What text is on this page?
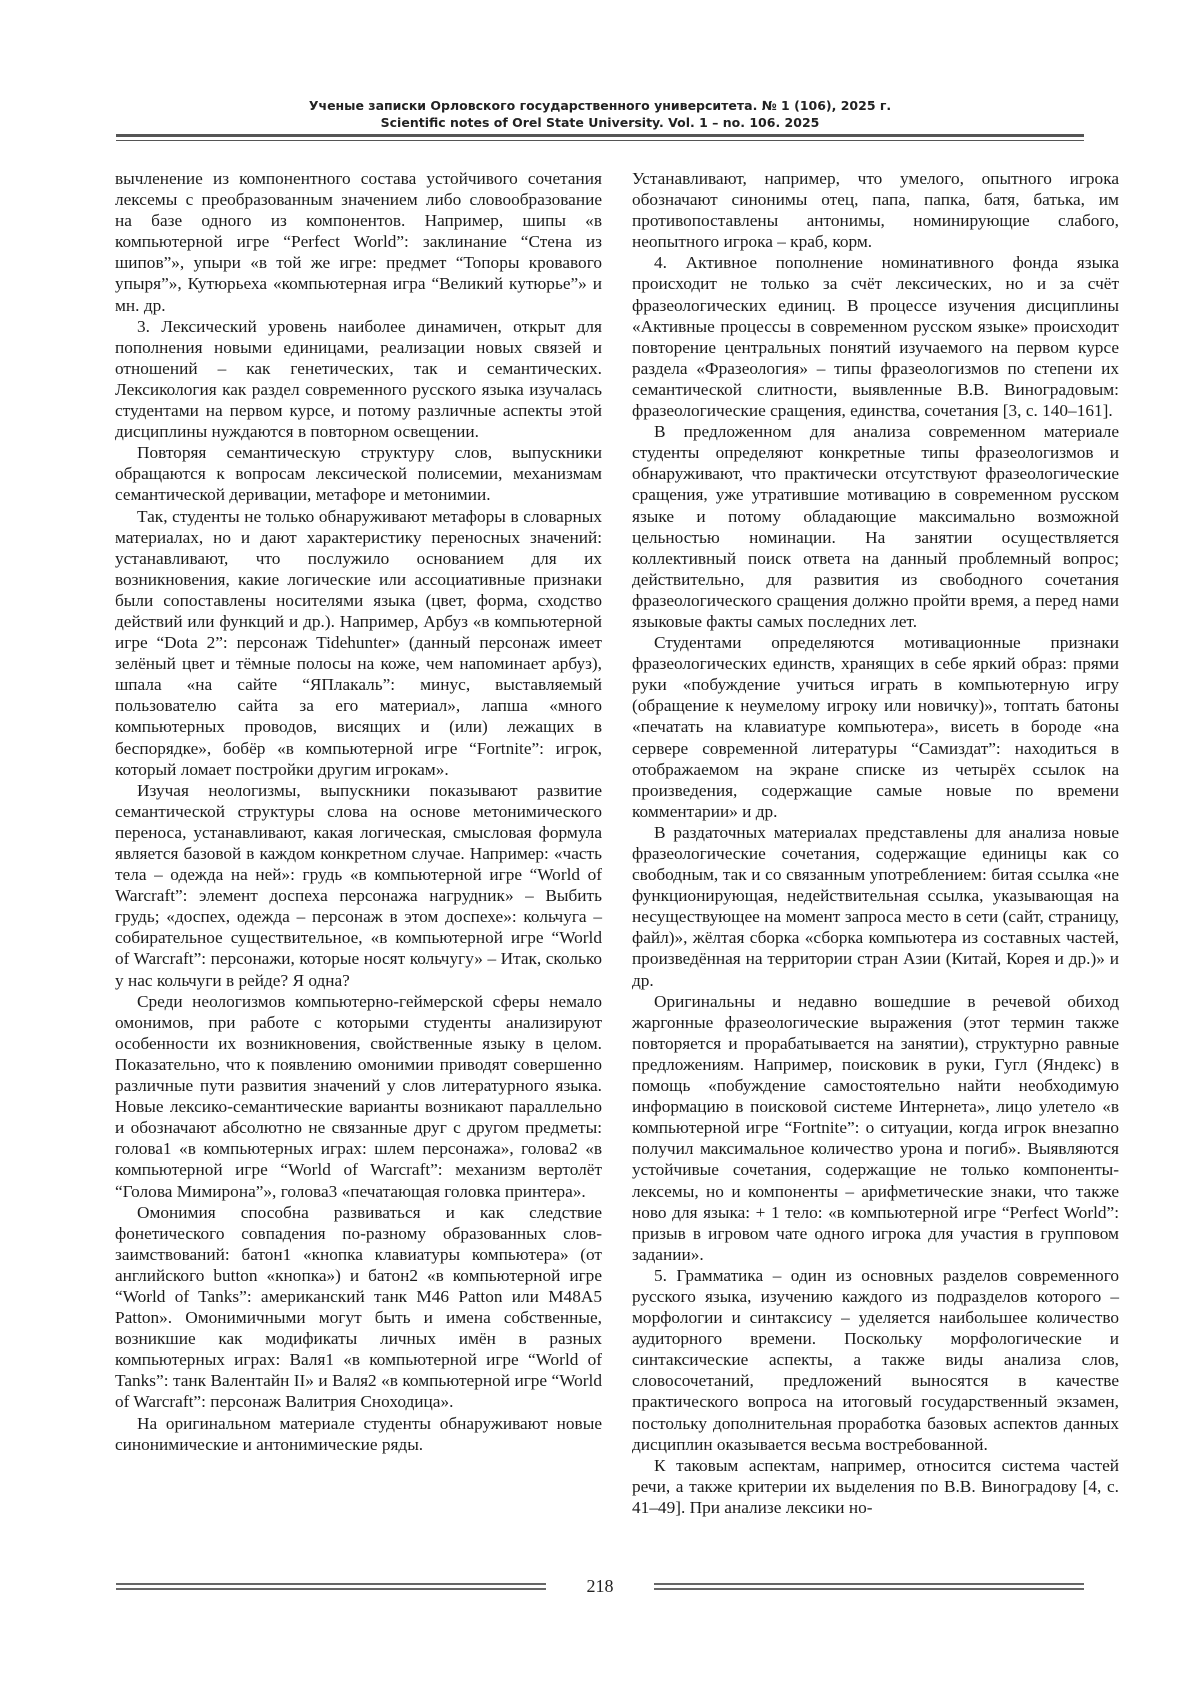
Ученые записки Орловского государственного университета. № 1 (106), 2025 г.
Scientific notes of Orel State University. Vol. 1 – no. 106. 2025

вычленение из компонентного состава устойчивого сочетания лексемы с преобразованным значением либо словообразование на базе одного из компонентов. Например, шипы «в компьютерной игре “Perfect World”: заклинание “Стена из шипов”», упыри «в той же игре: предмет “Топоры кровавого упыря”», Кутюрьеха «компьютерная игра “Великий кутюрье”» и мн. др.

3. Лексический уровень наиболее динамичен, открыт для пополнения новыми единицами, реализации новых связей и отношений – как генетических, так и семантических. Лексикология как раздел современного русского языка изучалась студентами на первом курсе, и потому различные аспекты этой дисциплины нуждаются в повторном освещении.

Повторяя семантическую структуру слов, выпускники обращаются к вопросам лексической полисемии, механизмам семантической деривации, метафоре и метонимии.

Так, студенты не только обнаруживают метафоры в словарных материалах, но и дают характеристику переносных значений: устанавливают, что послужило основанием для их возникновения, какие логические или ассоциативные признаки были сопоставлены носителями языка (цвет, форма, сходство действий или функций и др.). Например, Арбуз «в компьютерной игре “Dota 2”: персонаж Tidehunter» (данный персонаж имеет зелёный цвет и тёмные полосы на коже, чем напоминает арбуз), шпала «на сайте “ЯПлакаль”: минус, выставляемый пользователю сайта за его материал», лапша «много компьютерных проводов, висящих и (или) лежащих в беспорядке», бобёр «в компьютерной игре “Fortnite”: игрок, который ломает постройки другим игрокам».

Изучая неологизмы, выпускники показывают развитие семантической структуры слова на основе метонимического переноса, устанавливают, какая логическая, смысловая формула является базовой в каждом конкретном случае. Например: «часть тела – одежда на ней»: грудь «в компьютерной игре “World of Warcraft”: элемент доспеха персонажа нагрудник» – Выбить грудь; «доспех, одежда – персонаж в этом доспехе»: кольчуга – собирательное существительное, «в компьютерной игре “World of Warcraft”: персонажи, которые носят кольчугу» – Итак, сколько у нас кольчуги в рейде? Я одна?

Среди неологизмов компьютерно-геймерской сферы немало омонимов, при работе с которыми студенты анализируют особенности их возникновения, свойственные языку в целом. Показательно, что к появлению омонимии приводят совершенно различные пути развития значений у слов литературного языка. Новые лексико-семантические варианты возникают параллельно и обозначают абсолютно не связанные друг с другом предметы: голова1 «в компьютерных играх: шлем персонажа», голова2 «в компьютерной игре “World of Warcraft”: механизм вертолёт “Голова Мимирона”», голова3 «печатающая головка принтера».

Омонимия способна развиваться и как следствие фонетического совпадения по-разному образованных слов-заимствований: батон1 «кнопка клавиатуры компьютера» (от английского button «кнопка») и батон2 «в компьютерной игре “World of Tanks”: американский танк М46 Patton или М48А5 Patton». Омонимичными могут быть и имена собственные, возникшие как модификаты личных имён в разных компьютерных играх: Валя1 «в компьютерной игре “World of Tanks”: танк Валентайн II» и Валя2 «в компьютерной игре “World of Warcraft”: персонаж Валитрия Сноходица».

На оригинальном материале студенты обнаруживают новые синонимические и антонимические ряды.

Устанавливают, например, что умелого, опытного игрока обозначают синонимы отец, папа, папка, батя, батька, им противопоставлены антонимы, номинирующие слабого, неопытного игрока – краб, корм.

4. Активное пополнение номинативного фонда языка происходит не только за счёт лексических, но и за счёт фразеологических единиц. В процессе изучения дисциплины «Активные процессы в современном русском языке» происходит повторение центральных понятий изучаемого на первом курсе раздела «Фразеология» – типы фразеологизмов по степени их семантической слитности, выявленные В.В. Виноградовым: фразеологические сращения, единства, сочетания [3, с. 140–161].

В предложенном для анализа современном материале студенты определяют конкретные типы фразеологизмов и обнаруживают, что практически отсутствуют фразеологические сращения, уже утратившие мотивацию в современном русском языке и потому обладающие максимально возможной цельностью номинации. На занятии осуществляется коллективный поиск ответа на данный проблемный вопрос; действительно, для развития из свободного сочетания фразеологического сращения должно пройти время, а перед нами языковые факты самых последних лет.

Студентами определяются мотивационные признаки фразеологических единств, хранящих в себе яркий образ: прями руки «побуждение учиться играть в компьютерную игру (обращение к неумелому игроку или новичку)», топтать батоны «печатать на клавиатуре компьютера», висеть в бороде «на сервере современной литературы “Самиздат”: находиться в отображаемом на экране списке из четырёх ссылок на произведения, содержащие самые новые по времени комментарии» и др.

В раздаточных материалах представлены для анализа новые фразеологические сочетания, содержащие единицы как со свободным, так и со связанным употреблением: битая ссылка «не функционирующая, недействительная ссылка, указывающая на несуществующее на момент запроса место в сети (сайт, страницу, файл)», жёлтая сборка «сборка компьютера из составных частей, произведённая на территории стран Азии (Китай, Корея и др.)» и др.

Оригинальны и недавно вошедшие в речевой обиход жаргонные фразеологические выражения (этот термин также повторяется и прорабатывается на занятии), структурно равные предложениям. Например, поисковик в руки, Гугл (Яндекс) в помощь «побуждение самостоятельно найти необходимую информацию в поисковой системе Интернета», лицо улетело «в компьютерной игре “Fortnite”: о ситуации, когда игрок внезапно получил максимальное количество урона и погиб». Выявляются устойчивые сочетания, содержащие не только компоненты-лексемы, но и компоненты – арифметические знаки, что также ново для языка: + 1 тело: «в компьютерной игре “Perfect World”: призыв в игровом чате одного игрока для участия в групповом задании».

5. Грамматика – один из основных разделов современного русского языка, изучению каждого из подразделов которого – морфологии и синтаксису – уделяется наибольшее количество аудиторного времени. Поскольку морфологические и синтаксические аспекты, а также виды анализа слов, словосочетаний, предложений выносятся в качестве практического вопроса на итоговый государственный экзамен, постольку дополнительная проработка базовых аспектов данных дисциплин оказывается весьма востребованной.

К таковым аспектам, например, относится система частей речи, а также критерии их выделения по В.В. Виноградову [4, с. 41–49]. При анализе лексики но-

218
